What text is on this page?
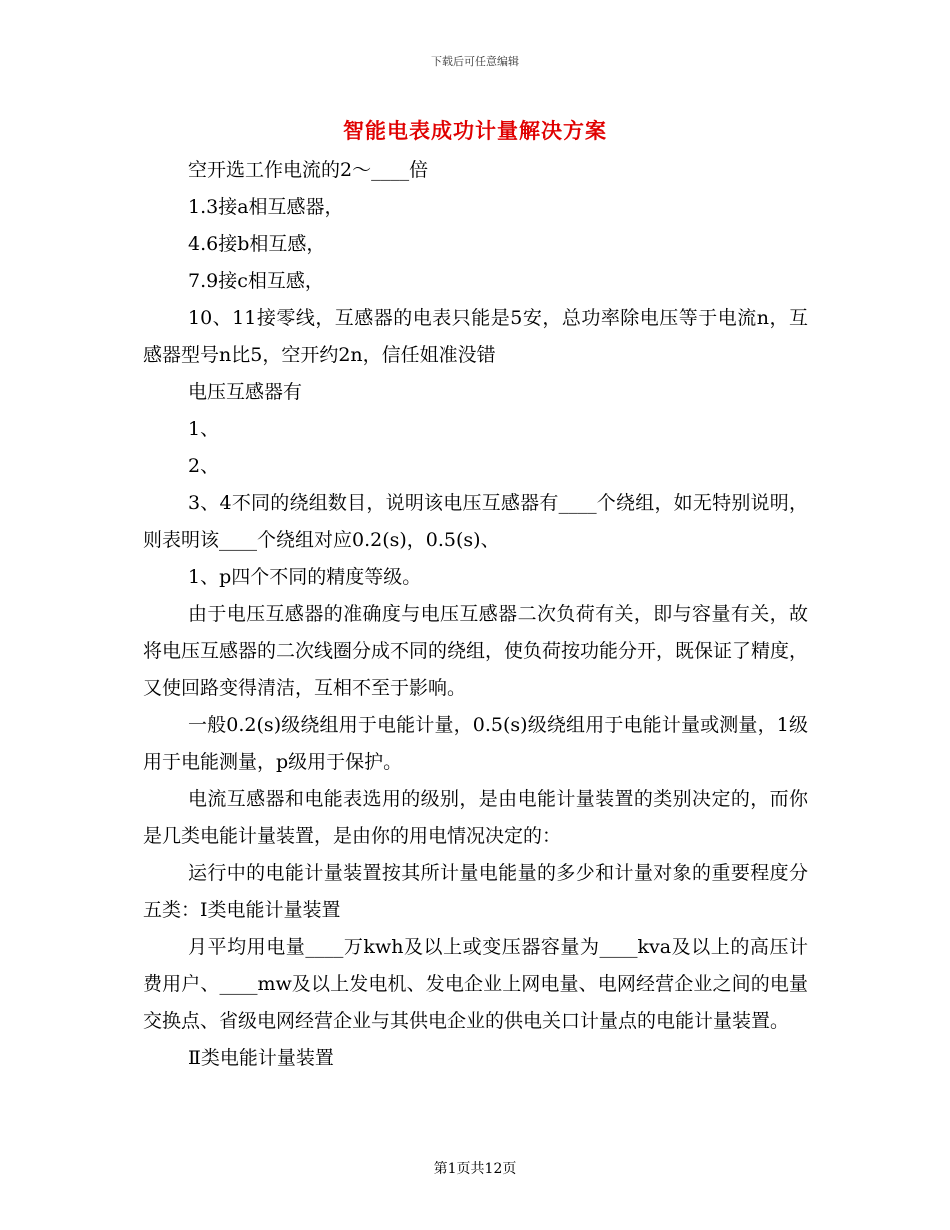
下载后可任意编辑
智能电表成功计量解决方案

空开选工作电流的2～____倍

1.3接a相互感器，

4.6接b相互感，

7.9接c相互感，

10、11接零线，互感器的电表只能是5安，总功率除电压等于电流n，互感器型号n比5，空开约2n，信任姐准没错

电压互感器有

1、

2、

3、4不同的绕组数目，说明该电压互感器有____个绕组，如无特别说明，则表明该____个绕组对应0.2(s)，0.5(s)、

1、p四个不同的精度等级。

由于电压互感器的准确度与电压互感器二次负荷有关，即与容量有关，故将电压互感器的二次线圈分成不同的绕组，使负荷按功能分开，既保证了精度，又使回路变得清洁，互相不至于影响。

一般0.2(s)级绕组用于电能计量，0.5(s)级绕组用于电能计量或测量，1级用于电能测量，p级用于保护。

电流互感器和电能表选用的级别，是由电能计量装置的类别决定的，而你是几类电能计量装置，是由你的用电情况决定的：

运行中的电能计量装置按其所计量电能量的多少和计量对象的重要程度分五类：Ⅰ类电能计量装置

月平均用电量____万kwh及以上或变压器容量为____kva及以上的高压计费用户、____mw及以上发电机、发电企业上网电量、电网经营企业之间的电量交换点、省级电网经营企业与其供电企业的供电关口计量点的电能计量装置。

Ⅱ类电能计量装置

第1页共12页
